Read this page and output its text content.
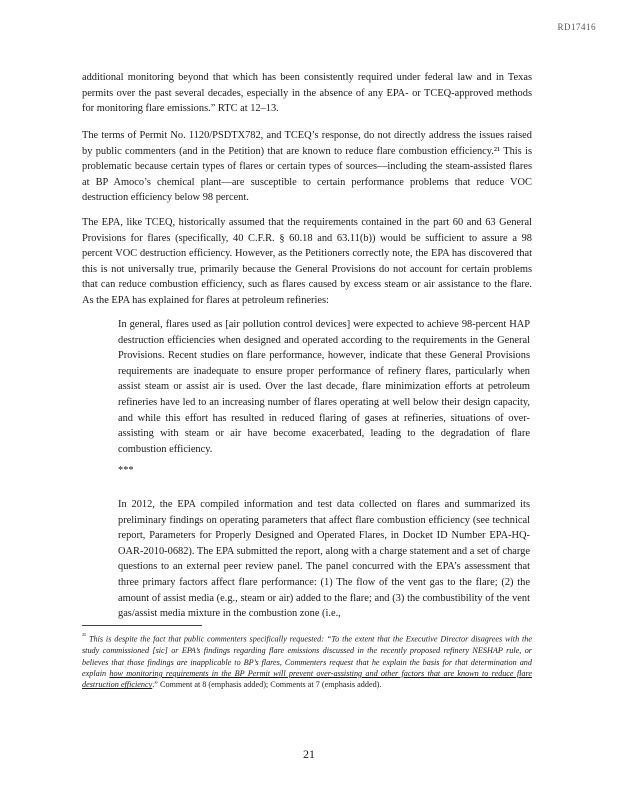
RD17416

additional monitoring beyond that which has been consistently required under federal law and in Texas permits over the past several decades, especially in the absence of any EPA- or TCEQ-approved methods for monitoring flare emissions.” RTC at 12–13.

The terms of Permit No. 1120/PSDTX782, and TCEQ’s response, do not directly address the issues raised by public commenters (and in the Petition) that are known to reduce flare combustion efficiency.²¹ This is problematic because certain types of flares or certain types of sources—including the steam-assisted flares at BP Amoco’s chemical plant—are susceptible to certain performance problems that reduce VOC destruction efficiency below 98 percent.

The EPA, like TCEQ, historically assumed that the requirements contained in the part 60 and 63 General Provisions for flares (specifically, 40 C.F.R. § 60.18 and 63.11(b)) would be sufficient to assure a 98 percent VOC destruction efficiency. However, as the Petitioners correctly note, the EPA has discovered that this is not universally true, primarily because the General Provisions do not account for certain problems that can reduce combustion efficiency, such as flares caused by excess steam or air assistance to the flare. As the EPA has explained for flares at petroleum refineries:

In general, flares used as [air pollution control devices] were expected to achieve 98-percent HAP destruction efficiencies when designed and operated according to the requirements in the General Provisions. Recent studies on flare performance, however, indicate that these General Provisions requirements are inadequate to ensure proper performance of refinery flares, particularly when assist steam or assist air is used. Over the last decade, flare minimization efforts at petroleum refineries have led to an increasing number of flares operating at well below their design capacity, and while this effort has resulted in reduced flaring of gases at refineries, situations of over-assisting with steam or air have become exacerbated, leading to the degradation of flare combustion efficiency.

***

In 2012, the EPA compiled information and test data collected on flares and summarized its preliminary findings on operating parameters that affect flare combustion efficiency (see technical report, Parameters for Properly Designed and Operated Flares, in Docket ID Number EPA-HQ-OAR-2010-0682). The EPA submitted the report, along with a charge statement and a set of charge questions to an external peer review panel. The panel concurred with the EPA’s assessment that three primary factors affect flare performance: (1) The flow of the vent gas to the flare; (2) the amount of assist media (e.g., steam or air) added to the flare; and (3) the combustibility of the vent gas/assist media mixture in the combustion zone (i.e.,

$^{^{21}}$ This is despite the fact that public commenters specifically requested: “To the extent that the Executive Director disagrees with the study commissioned [sic] or EPA’s findings regarding flare emissions discussed in the recently proposed refinery NESHAP rule, or believes that those findings are inapplicable to BP’s flares, Commenters request that he explain the basis for that determination and explain how monitoring requirements in the BP Permit will prevent over-assisting and other factors that are known to reduce flare destruction efficiency.” Comment at 8 (emphasis added); Comments at 7 (emphasis added).

21
